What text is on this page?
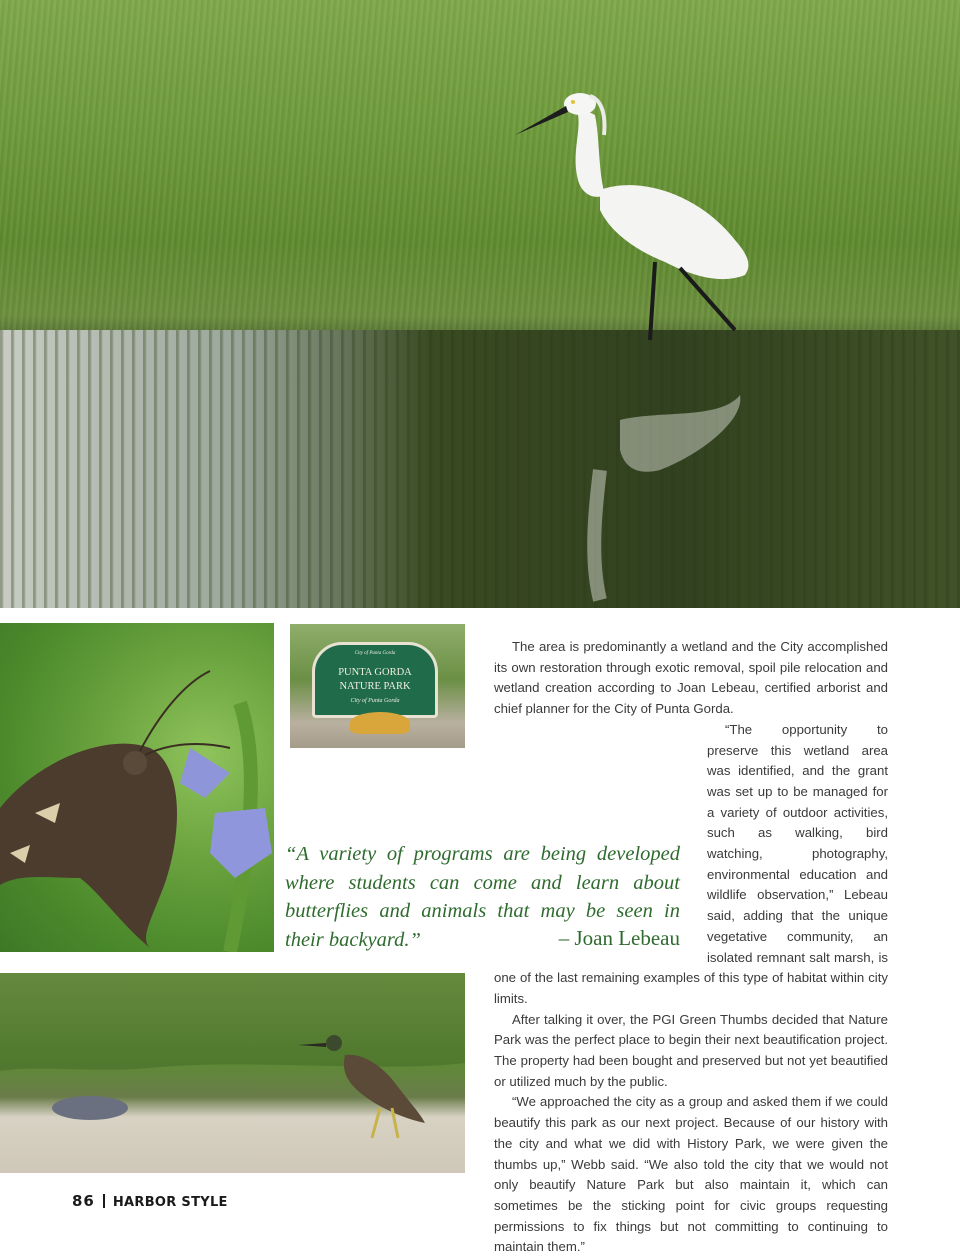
City of Punta Gorda
PUNTA GORDA
NATURE PARK
City of Punta Gorda

The area is predominantly a wetland and the City accomplished its own restoration through exotic removal, spoil pile relocation and wetland creation according to Joan Lebeau, certified arborist and chief planner for the City of Punta Gorda.

“The opportunity to preserve this wetland area was identified, and the grant was set up to be managed for a variety of outdoor activities, such as walking, bird watching, photography, environmental education and wildlife observation,” Lebeau said, adding that the unique vegetative community, an isolated remnant salt marsh, is one of the last remaining examples of this type of habitat within city limits.

After talking it over, the PGI Green Thumbs decided that Nature Park was the perfect place to begin their next beautification project. The property had been bought and preserved but not yet beautified or utilized much by the public.

“We approached the city as a group and asked them if we could beautify this park as our next project. Because of our history with the city and what we did with History Park, we were given the thumbs up,” Webb said. “We also told the city that we would not only beautify Nature Park but also maintain it, which can sometimes be the sticking point for civic groups requesting permissions to fix things but not committing to continuing to maintain them.”

“A variety of programs are being developed where students can come and learn about butterflies and animals that may be seen in their backyard.”	– Joan Lebeau
86 HARBOR STYLE
